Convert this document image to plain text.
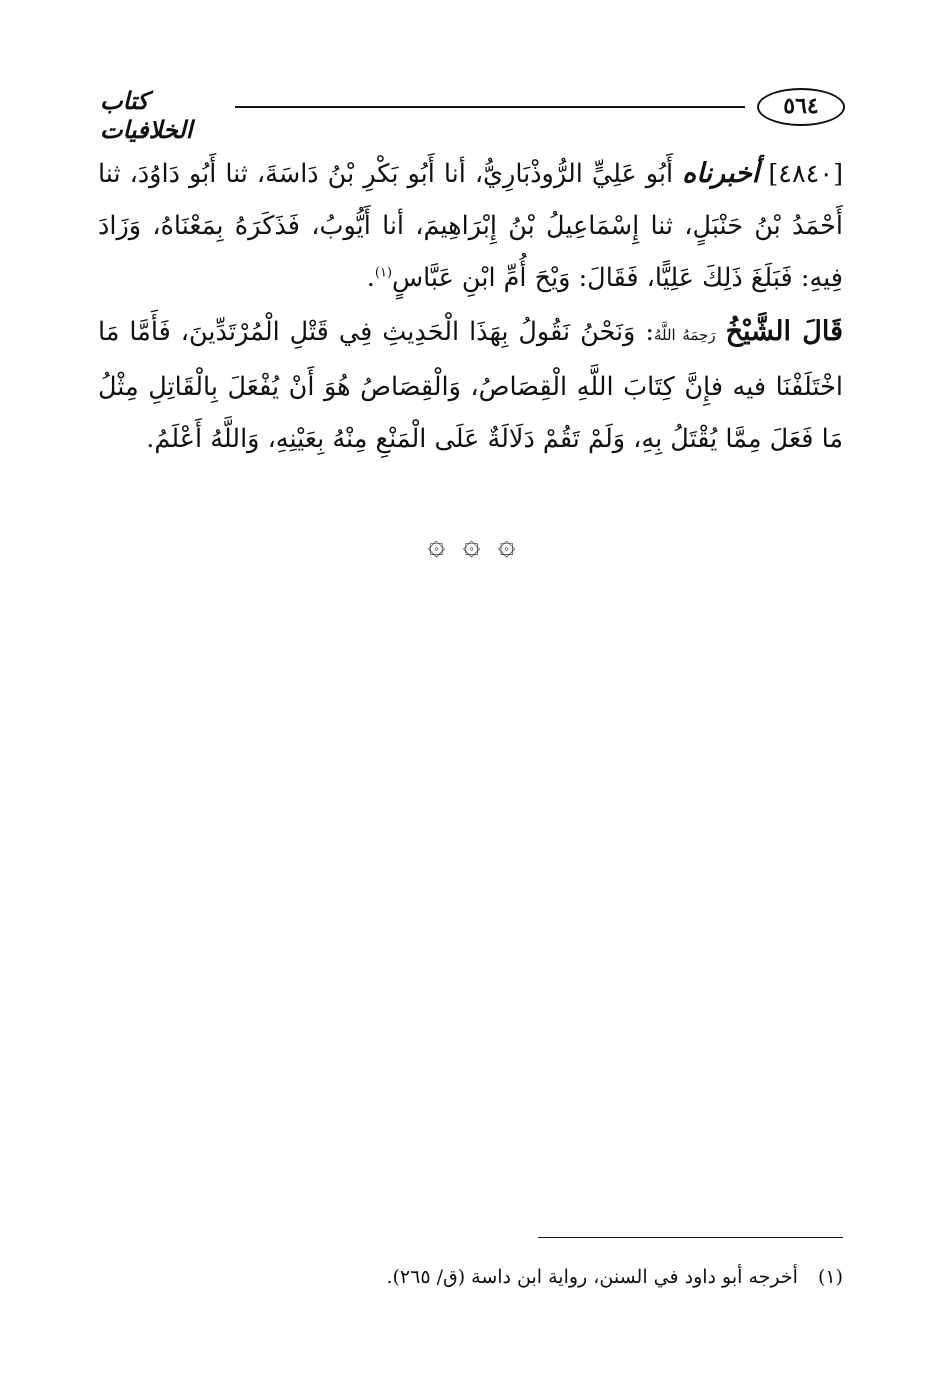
٥٦٤
كتاب الخلافيات

[٤٨٤٠] أخبرناه أَبُو عَلِيٍّ الرُّوذْبَارِيُّ، أنا أَبُو بَكْرِ بْنُ دَاسَةَ، ثنا أَبُو دَاوُدَ، ثنا أَحْمَدُ بْنُ حَنْبَلٍ، ثنا إِسْمَاعِيلُ بْنُ إِبْرَاهِيمَ، أنا أَيُّوبُ، فَذَكَرَهُ بِمَعْنَاهُ، وَزَادَ فِيهِ: فَبَلَغَ ذَلِكَ عَلِيًّا، فَقَالَ: وَيْحَ أُمِّ ابْنِ عَبَّاسٍ$^{(١)}$.

قَالَ الشَّيْخُ رَحِمَهُ اللَّهُ: وَنَحْنُ نَقُولُ بِهَذَا الْحَدِيثِ فِي قَتْلِ الْمُرْتَدِّينَ، فَأَمَّا مَا اخْتَلَفْنَا فيه فإِنَّ كِتَابَ اللَّهِ الْقِصَاصُ، وَالْقِصَاصُ هُوَ أَنْ يُفْعَلَ بِالْقَاتِلِ مِثْلُ مَا فَعَلَ مِمَّا يُقْتَلُ بِهِ، وَلَمْ تَقُمْ دَلَالَةٌ عَلَى الْمَنْعِ مِنْهُ بِعَيْنِهِ، وَاللَّهُ أَعْلَمُ.

۞ ۞ ۞
(١) أخرجه أبو داود في السنن، رواية ابن داسة (ق/ ٢٦٥).
